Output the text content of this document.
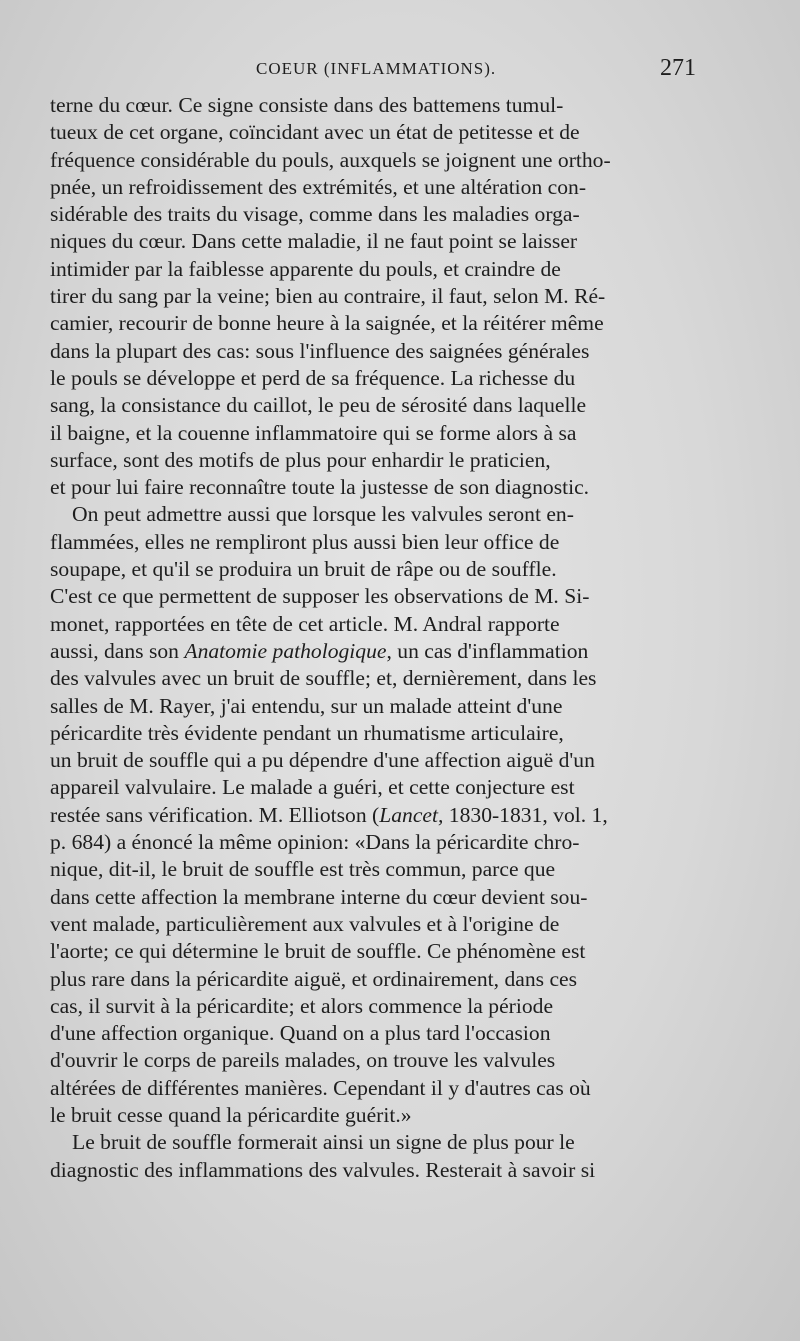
COEUR (INFLAMMATIONS).	271
terne du cœur. Ce signe consiste dans des battemens tumul-
tueux de cet organe, coïncidant avec un état de petitesse et de
fréquence considérable du pouls, auxquels se joignent une ortho-
pnée, un refroidissement des extrémités, et une altération con-
sidérable des traits du visage, comme dans les maladies orga-
niques du cœur. Dans cette maladie, il ne faut point se laisser
intimider par la faiblesse apparente du pouls, et craindre de
tirer du sang par la veine; bien au contraire, il faut, selon M. Ré-
camier, recourir de bonne heure à la saignée, et la réitérer même
dans la plupart des cas: sous l'influence des saignées générales
le pouls se développe et perd de sa fréquence. La richesse du
sang, la consistance du caillot, le peu de sérosité dans laquelle
il baigne, et la couenne inflammatoire qui se forme alors à sa
surface, sont des motifs de plus pour enhardir le praticien,
et pour lui faire reconnaître toute la justesse de son diagnostic.
On peut admettre aussi que lorsque les valvules seront en-
flammées, elles ne rempliront plus aussi bien leur office de
soupape, et qu'il se produira un bruit de râpe ou de souffle.
C'est ce que permettent de supposer les observations de M. Si-
monet, rapportées en tête de cet article. M. Andral rapporte
aussi, dans son Anatomie pathologique, un cas d'inflammation
des valvules avec un bruit de souffle; et, dernièrement, dans les
salles de M. Rayer, j'ai entendu, sur un malade atteint d'une
péricardite très évidente pendant un rhumatisme articulaire,
un bruit de souffle qui a pu dépendre d'une affection aiguë d'un
appareil valvulaire. Le malade a guéri, et cette conjecture est
restée sans vérification. M. Elliotson (Lancet, 1830-1831, vol. 1,
p. 684) a énoncé la même opinion: «Dans la péricardite chro-
nique, dit-il, le bruit de souffle est très commun, parce que
dans cette affection la membrane interne du cœur devient sou-
vent malade, particulièrement aux valvules et à l'origine de
l'aorte; ce qui détermine le bruit de souffle. Ce phénomène est
plus rare dans la péricardite aiguë, et ordinairement, dans ces
cas, il survit à la péricardite; et alors commence la période
d'une affection organique. Quand on a plus tard l'occasion
d'ouvrir le corps de pareils malades, on trouve les valvules
altérées de différentes manières. Cependant il y d'autres cas où
le bruit cesse quand la péricardite guérit.»
Le bruit de souffle formerait ainsi un signe de plus pour le
diagnostic des inflammations des valvules. Resterait à savoir si
